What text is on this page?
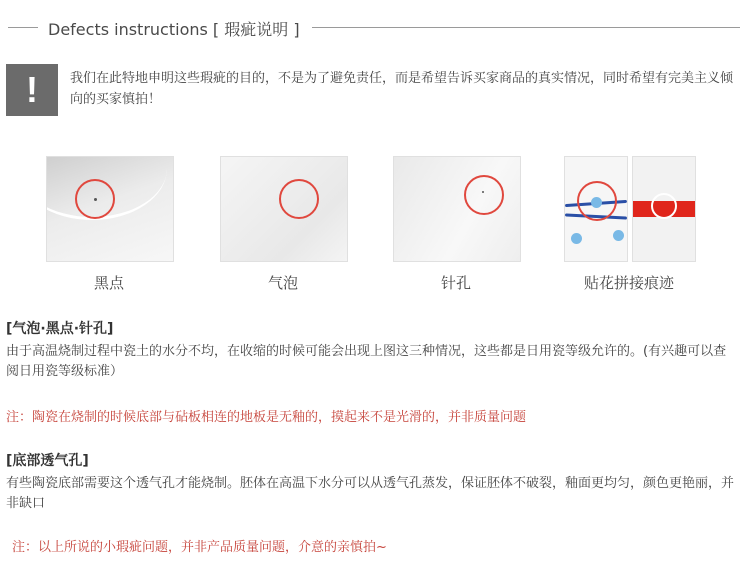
Defects instructions [ 瑕疵说明 ]
!	我们在此特地申明这些瑕疵的目的，不是为了避免责任，而是希望告诉买家商品的真实情况，同时希望有完美主义倾向的买家慎拍！
黑点	气泡	针孔	贴花拼接痕迹
[气泡·黑点·针孔]
由于高温烧制过程中瓷土的水分不均，在收缩的时候可能会出现上图这三种情况，这些都是日用瓷等级允许的。(有兴趣可以查阅日用瓷等级标准）
注：陶瓷在烧制的时候底部与砧板相连的地板是无釉的，摸起来不是光滑的，并非质量问题
[底部透气孔]
有些陶瓷底部需要这个透气孔才能烧制。胚体在高温下水分可以从透气孔蒸发，保证胚体不破裂，釉面更均匀，颜色更艳丽，并非缺口
注：以上所说的小瑕疵问题，并非产品质量问题，介意的亲慎拍~
